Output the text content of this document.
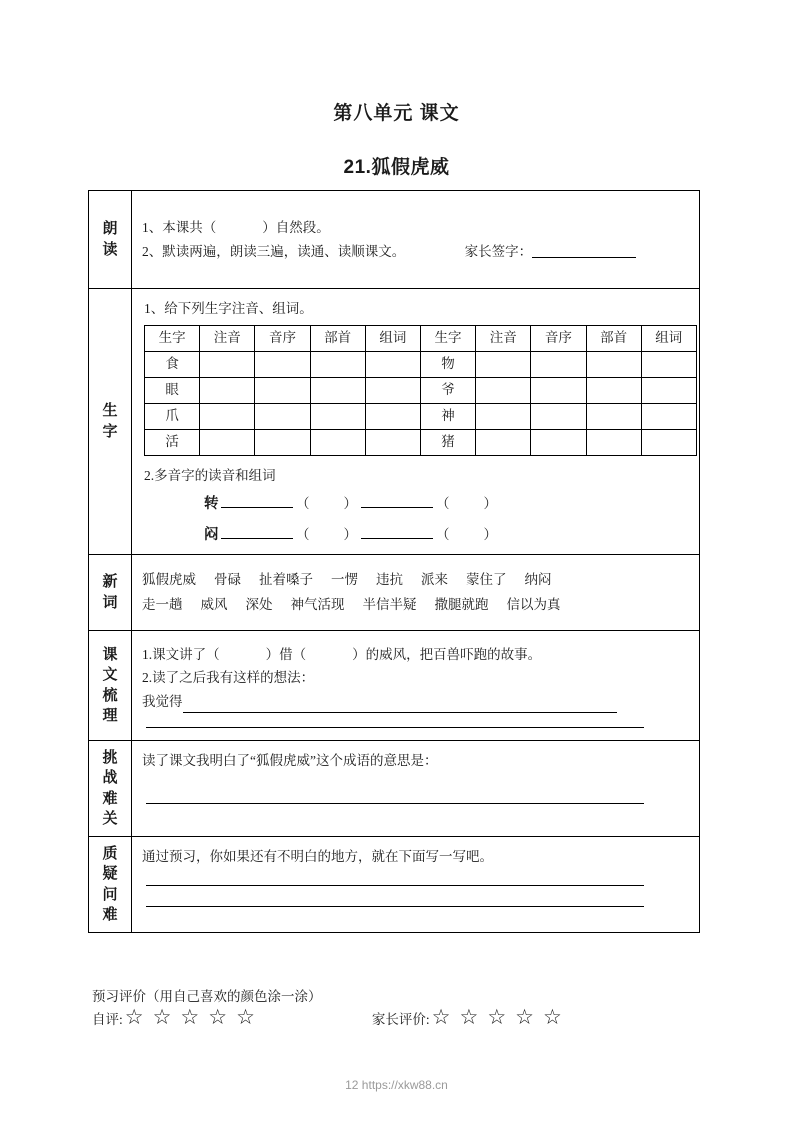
第八单元 课文
21.狐假虎威
朗
读

1、本课共（	）自然段。
2、默读两遍，朗读三遍，读通、读顺课文。	家长签字：

生
字

1、给下列生字注音、组词。
生字	注音	音序	部首	组词	生字	注音	音序	部首	组词
食					物				
眼					爷				
爪					神				
活					猪				
2.多音字的读音和组词
转	（	）	（	）
闷	（	）	（	）

新
词

狐假虎威 骨碌 扯着嗓子 一愣 违抗 派来 蒙住了 纳闷
走一趟 威风 深处 神气活现 半信半疑 撒腿就跑 信以为真

课
文
梳
理

1.课文讲了（	）借（	）的威风，把百兽吓跑的故事。
2.读了之后我有这样的想法：
我觉得

挑
战
难
关

读了课文我明白了“狐假虎威”这个成语的意思是：

质
疑
问
难

通过预习，你如果还有不明白的地方，就在下面写一写吧。
预习评价（用自己喜欢的颜色涂一涂）
自评: ☆ ☆ ☆ ☆ ☆	家长评价: ☆ ☆ ☆ ☆ ☆
12 https://xkw88.cn
